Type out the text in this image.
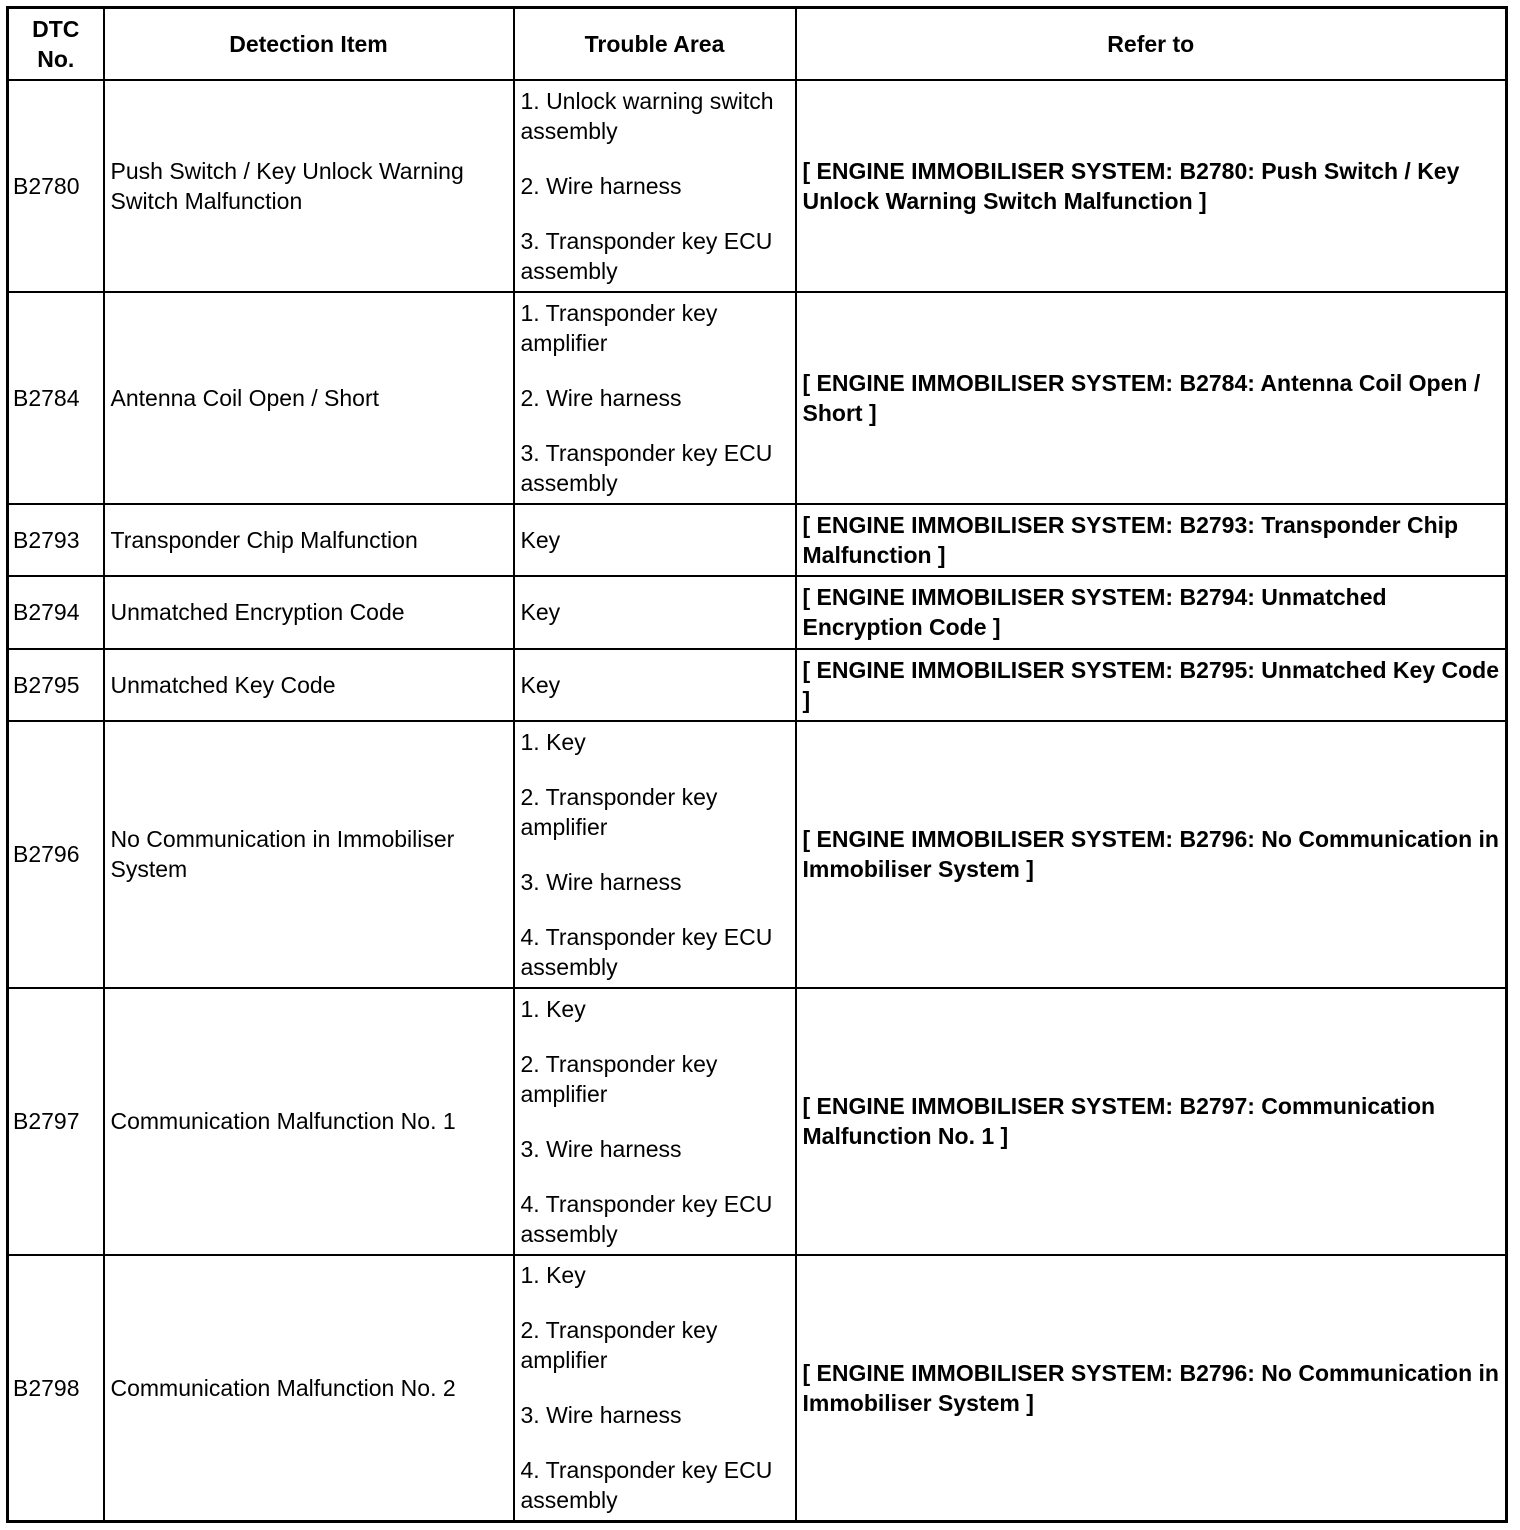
DTC No.	Detection Item	Trouble Area	Refer to
B2780	Push Switch / Key Unlock Warning Switch Malfunction	1. Unlock warning switch assembly
2. Wire harness
3. Transponder key ECU assembly	[ ENGINE IMMOBILISER SYSTEM: B2780: Push Switch / Key Unlock Warning Switch Malfunction ]
B2784	Antenna Coil Open / Short	1. Transponder key amplifier
2. Wire harness
3. Transponder key ECU assembly	[ ENGINE IMMOBILISER SYSTEM: B2784: Antenna Coil Open / Short ]
B2793	Transponder Chip Malfunction	Key	[ ENGINE IMMOBILISER SYSTEM: B2793: Transponder Chip Malfunction ]
B2794	Unmatched Encryption Code	Key	[ ENGINE IMMOBILISER SYSTEM: B2794: Unmatched Encryption Code ]
B2795	Unmatched Key Code	Key	[ ENGINE IMMOBILISER SYSTEM: B2795: Unmatched Key Code ]
B2796	No Communication in Immobiliser System	1. Key
2. Transponder key amplifier
3. Wire harness
4. Transponder key ECU assembly	[ ENGINE IMMOBILISER SYSTEM: B2796: No Communication in Immobiliser System ]
B2797	Communication Malfunction No. 1	1. Key
2. Transponder key amplifier
3. Wire harness
4. Transponder key ECU assembly	[ ENGINE IMMOBILISER SYSTEM: B2797: Communication Malfunction No. 1 ]
B2798	Communication Malfunction No. 2	1. Key
2. Transponder key amplifier
3. Wire harness
4. Transponder key ECU assembly	[ ENGINE IMMOBILISER SYSTEM: B2796: No Communication in Immobiliser System ]
